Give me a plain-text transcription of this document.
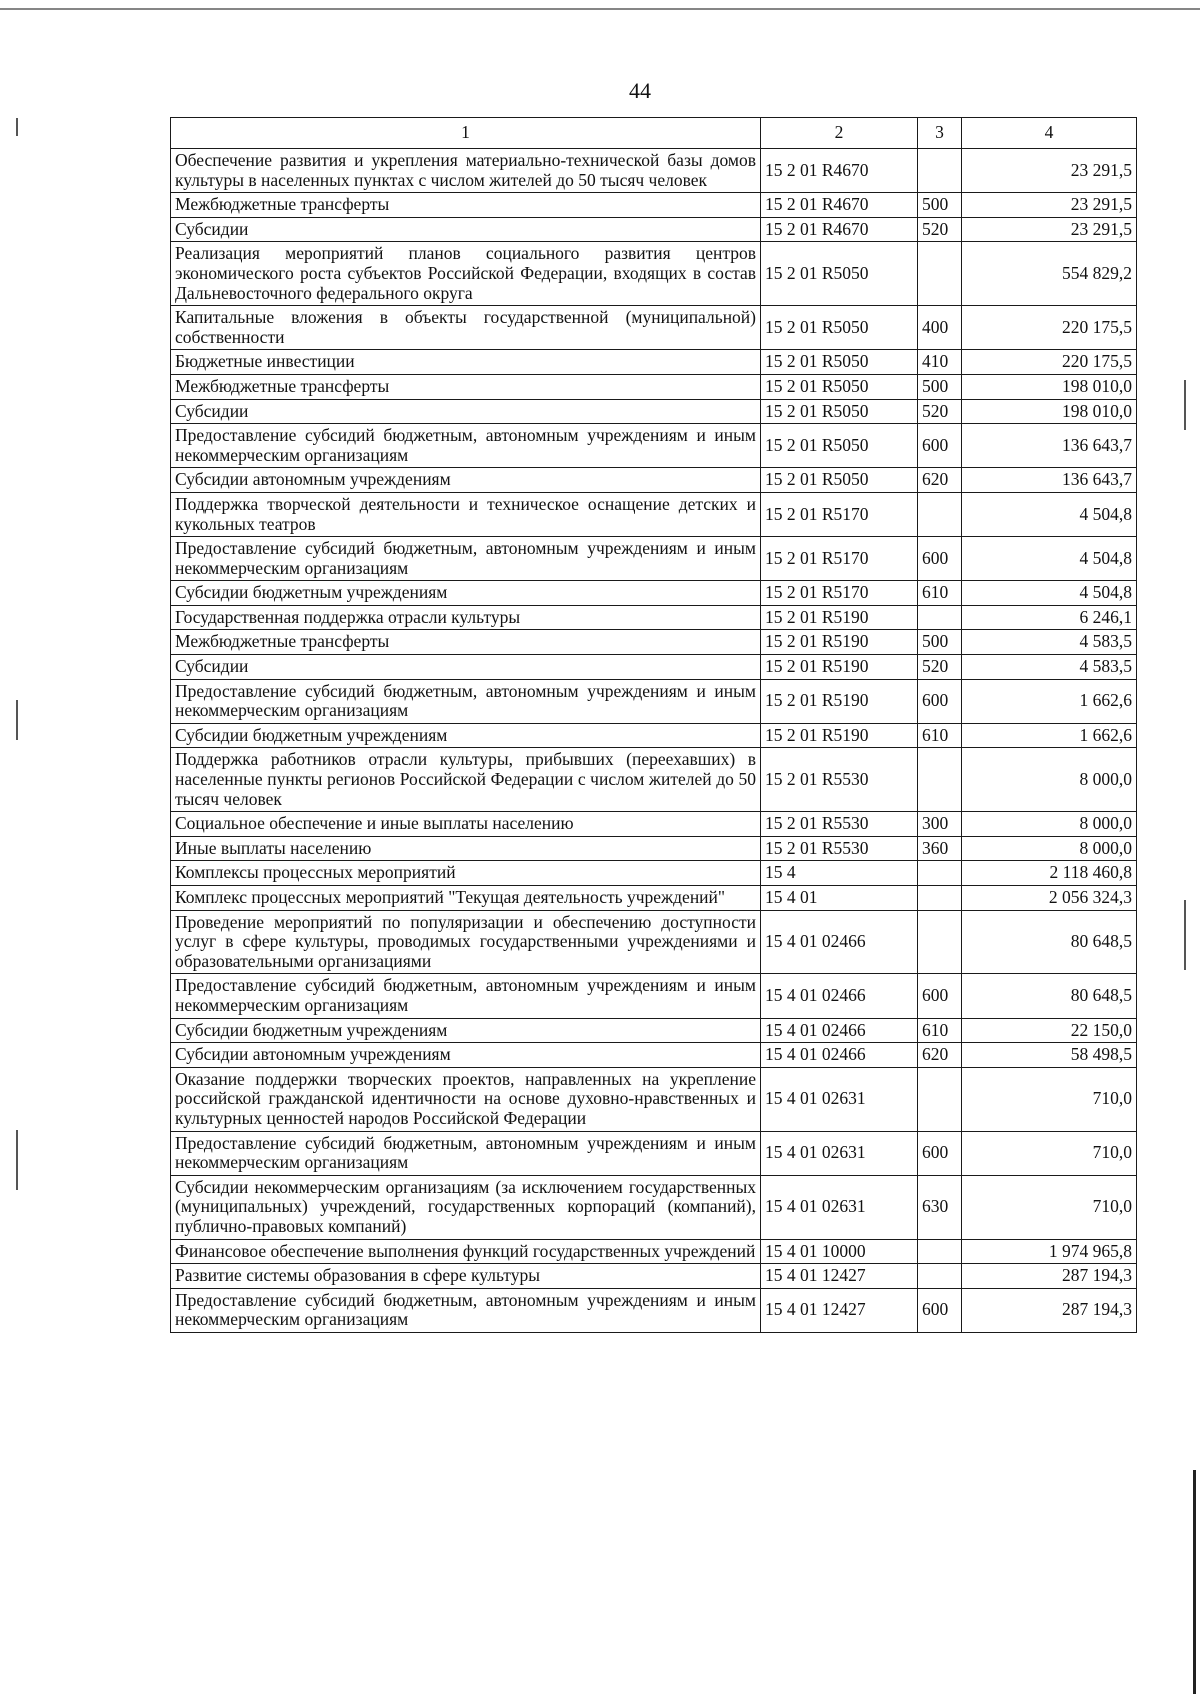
44
1	2	3	4
Обеспечение развития и укрепления материально-технической базы домов культуры в населенных пунктах с числом жителей до 50 тысяч человек	15 2 01 R4670		23 291,5
Межбюджетные трансферты	15 2 01 R4670	500	23 291,5
Субсидии	15 2 01 R4670	520	23 291,5
Реализация мероприятий планов социального развития центров экономического роста субъектов Российской Федерации, входящих в состав Дальневосточного федерального округа	15 2 01 R5050		554 829,2
Капитальные вложения в объекты государственной (муниципальной) собственности	15 2 01 R5050	400	220 175,5
Бюджетные инвестиции	15 2 01 R5050	410	220 175,5
Межбюджетные трансферты	15 2 01 R5050	500	198 010,0
Субсидии	15 2 01 R5050	520	198 010,0
Предоставление субсидий бюджетным, автономным учреждениям и иным некоммерческим организациям	15 2 01 R5050	600	136 643,7
Субсидии автономным учреждениям	15 2 01 R5050	620	136 643,7
Поддержка творческой деятельности и техническое оснащение детских и кукольных театров	15 2 01 R5170		4 504,8
Предоставление субсидий бюджетным, автономным учреждениям и иным некоммерческим организациям	15 2 01 R5170	600	4 504,8
Субсидии бюджетным учреждениям	15 2 01 R5170	610	4 504,8
Государственная поддержка отрасли культуры	15 2 01 R5190		6 246,1
Межбюджетные трансферты	15 2 01 R5190	500	4 583,5
Субсидии	15 2 01 R5190	520	4 583,5
Предоставление субсидий бюджетным, автономным учреждениям и иным некоммерческим организациям	15 2 01 R5190	600	1 662,6
Субсидии бюджетным учреждениям	15 2 01 R5190	610	1 662,6
Поддержка работников отрасли культуры, прибывших (переехавших) в населенные пункты регионов Российской Федерации с числом жителей до 50 тысяч человек	15 2 01 R5530		8 000,0
Социальное обеспечение и иные выплаты населению	15 2 01 R5530	300	8 000,0
Иные выплаты населению	15 2 01 R5530	360	8 000,0
Комплексы процессных мероприятий	15 4		2 118 460,8
Комплекс процессных мероприятий "Текущая деятельность учреждений"	15 4 01		2 056 324,3
Проведение мероприятий по популяризации и обеспечению доступности услуг в сфере культуры, проводимых государственными учреждениями и образовательными организациями	15 4 01 02466		80 648,5
Предоставление субсидий бюджетным, автономным учреждениям и иным некоммерческим организациям	15 4 01 02466	600	80 648,5
Субсидии бюджетным учреждениям	15 4 01 02466	610	22 150,0
Субсидии автономным учреждениям	15 4 01 02466	620	58 498,5
Оказание поддержки творческих проектов, направленных на укрепление российской гражданской идентичности на основе духовно-нравственных и культурных ценностей народов Российской Федерации	15 4 01 02631		710,0
Предоставление субсидий бюджетным, автономным учреждениям и иным некоммерческим организациям	15 4 01 02631	600	710,0
Субсидии некоммерческим организациям (за исключением государственных (муниципальных) учреждений, государственных корпораций (компаний), публично-правовых компаний)	15 4 01 02631	630	710,0
Финансовое обеспечение выполнения функций государственных учреждений	15 4 01 10000		1 974 965,8
Развитие системы образования в сфере культуры	15 4 01 12427		287 194,3
Предоставление субсидий бюджетным, автономным учреждениям и иным некоммерческим организациям	15 4 01 12427	600	287 194,3
